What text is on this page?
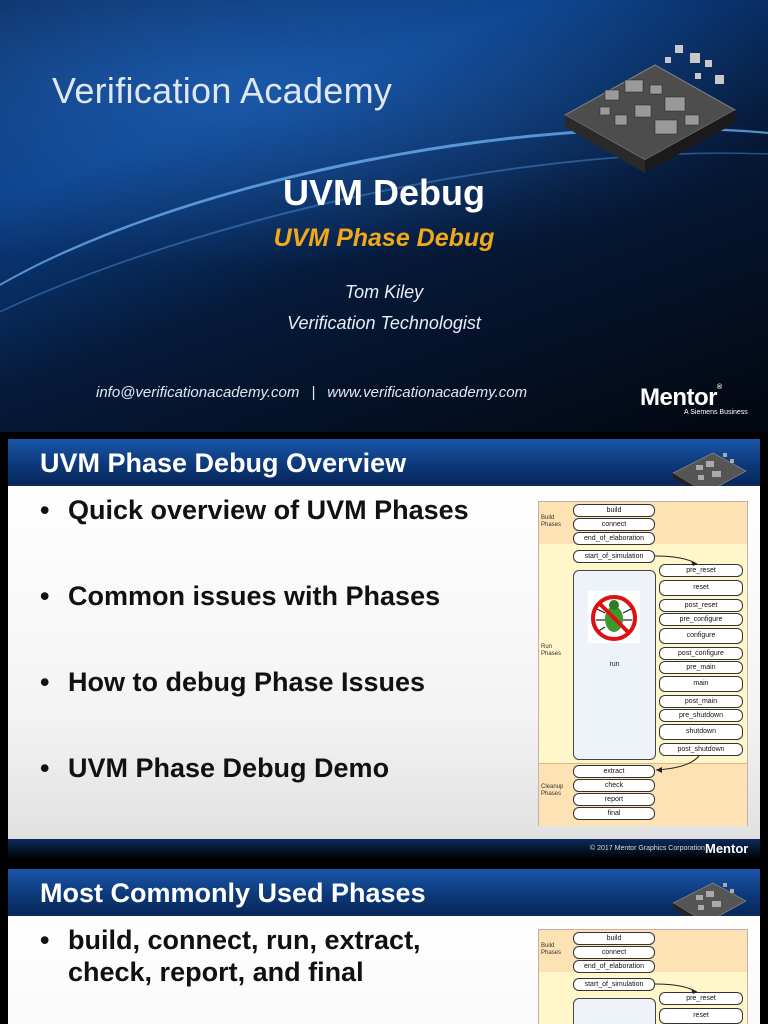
Verification Academy
UVM Debug
UVM Phase Debug
Tom Kiley
Verification Technologist
info@verificationacademy.com | www.verificationacademy.com	Mentor®
A Siemens Business
UVM Phase Debug Overview
• Quick overview of UVM Phases
• Common issues with Phases
• How to debug Phase Issues
• UVM Phase Debug Demo
Build
Phases
Run
Phases
Cleanup
Phases
build
connect
end_of_elaboration
start_of_simulation
run
pre_reset
reset
post_reset
pre_configure
configure
post_configure
pre_main
main
post_main
pre_shutdown
shutdown
post_shutdown
extract
check
report
final
© 2017 Mentor Graphics Corporation Mentor
Most Commonly Used Phases
• build, connect, run, extract,
check, report, and final
Build
Phases
build
connect
end_of_elaboration
start_of_simulation
pre_reset
reset
